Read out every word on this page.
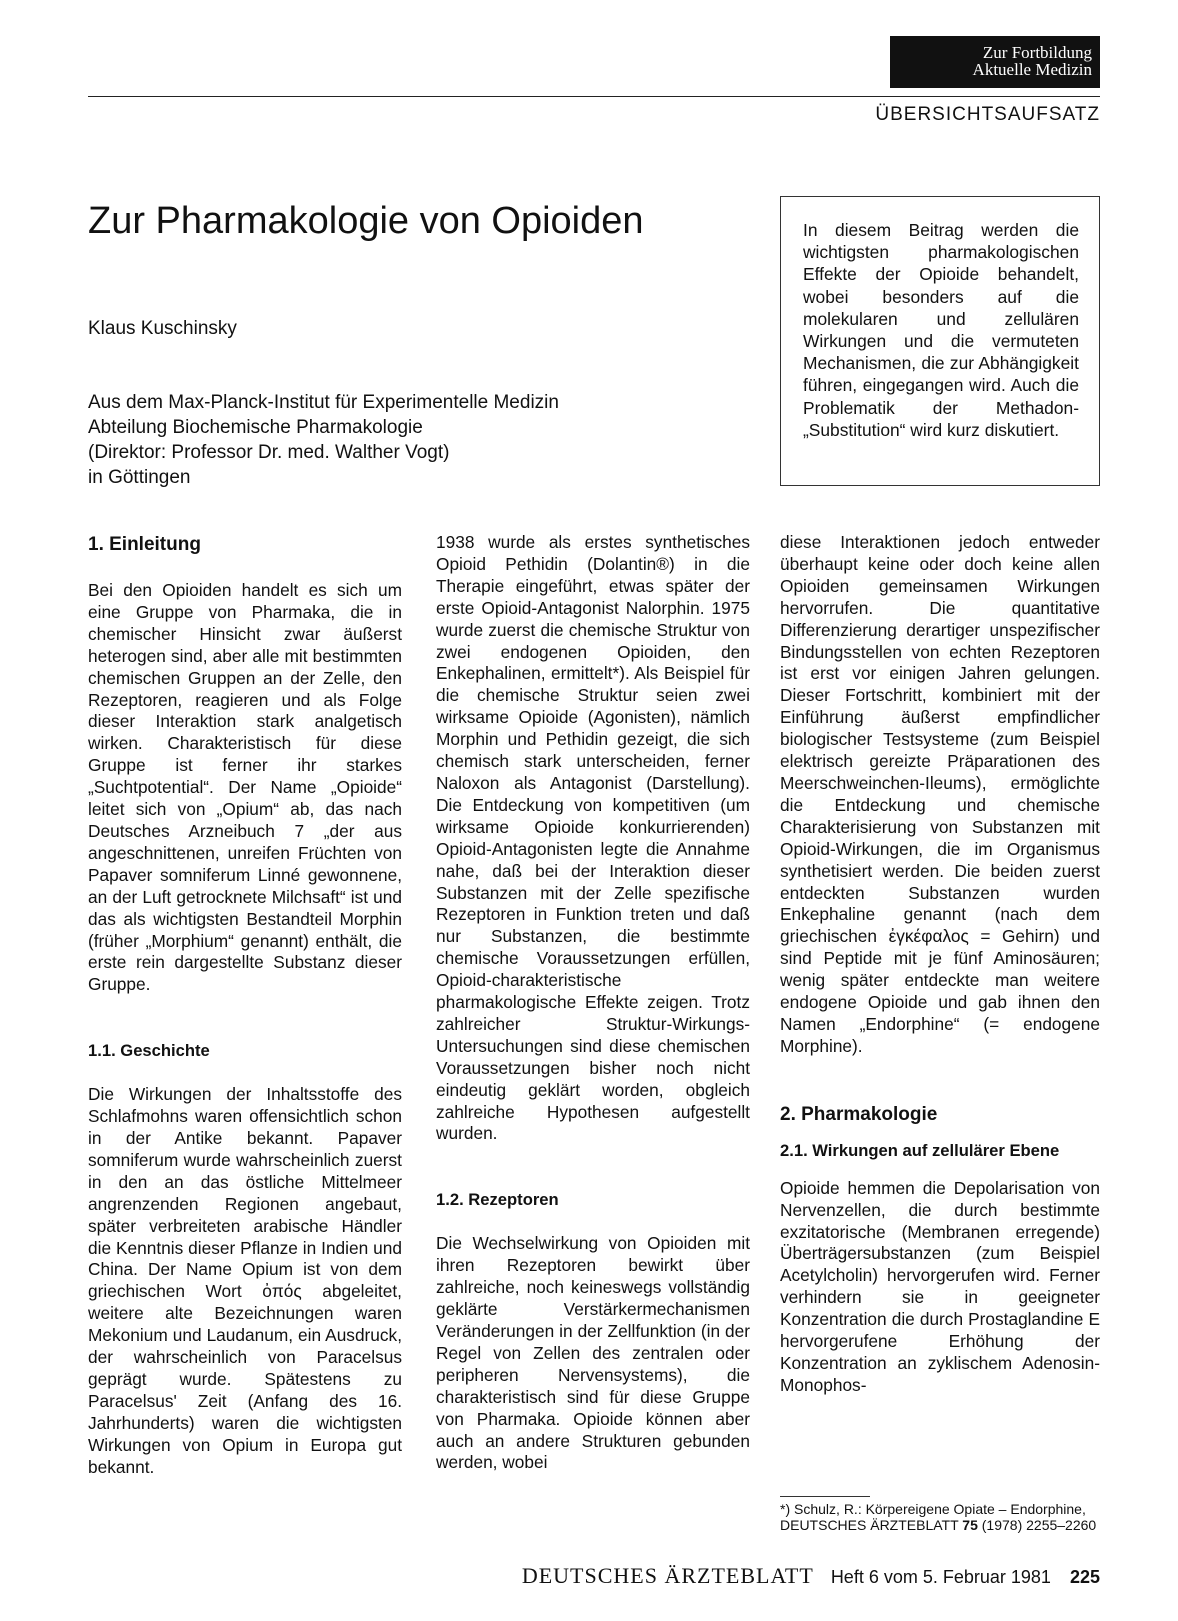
Zur Fortbildung
Aktuelle Medizin
ÜBERSICHTSAUFSATZ
Zur Pharmakologie von Opioiden
Klaus Kuschinsky
Aus dem Max-Planck-Institut für Experimentelle Medizin
Abteilung Biochemische Pharmakologie
(Direktor: Professor Dr. med. Walther Vogt)
in Göttingen

In diesem Beitrag werden die wichtigsten pharmakologischen Effekte der Opioide behandelt, wobei besonders auf die molekularen und zellulären Wirkungen und die vermuteten Mechanismen, die zur Abhängigkeit führen, eingegangen wird. Auch die Problematik der Methadon-„Substitution“ wird kurz diskutiert.

1. Einleitung

Bei den Opioiden handelt es sich um eine Gruppe von Pharmaka, die in chemischer Hinsicht zwar äußerst heterogen sind, aber alle mit bestimmten chemischen Gruppen an der Zelle, den Rezeptoren, reagieren und als Folge dieser Interaktion stark analgetisch wirken. Charakteristisch für diese Gruppe ist ferner ihr starkes „Suchtpotential“. Der Name „Opioide“ leitet sich von „Opium“ ab, das nach Deutsches Arzneibuch 7 „der aus angeschnittenen, unreifen Früchten von Papaver somniferum Linné gewonnene, an der Luft getrocknete Milchsaft“ ist und das als wichtigsten Bestandteil Morphin (früher „Morphium“ genannt) enthält, die erste rein dargestellte Substanz dieser Gruppe.

1.1. Geschichte

Die Wirkungen der Inhaltsstoffe des Schlafmohns waren offensichtlich schon in der Antike bekannt. Papaver somniferum wurde wahrscheinlich zuerst in den an das östliche Mittelmeer angrenzenden Regionen angebaut, später verbreiteten arabische Händler die Kenntnis dieser Pflanze in Indien und China. Der Name Opium ist von dem griechischen Wort ὀπός abgeleitet, weitere alte Bezeichnungen waren Mekonium und Laudanum, ein Ausdruck, der wahrscheinlich von Paracelsus geprägt wurde. Spätestens zu Paracelsus' Zeit (Anfang des 16. Jahrhunderts) waren die wichtigsten Wirkungen von Opium in Europa gut bekannt.

1938 wurde als erstes synthetisches Opioid Pethidin (Dolantin®) in die Therapie eingeführt, etwas später der erste Opioid-Antagonist Nalorphin. 1975 wurde zuerst die chemische Struktur von zwei endogenen Opioiden, den Enkephalinen, ermittelt*). Als Beispiel für die chemische Struktur seien zwei wirksame Opioide (Agonisten), nämlich Morphin und Pethidin gezeigt, die sich chemisch stark unterscheiden, ferner Naloxon als Antagonist (Darstellung). Die Entdeckung von kompetitiven (um wirksame Opioide konkurrierenden) Opioid-Antagonisten legte die Annahme nahe, daß bei der Interaktion dieser Substanzen mit der Zelle spezifische Rezeptoren in Funktion treten und daß nur Substanzen, die bestimmte chemische Voraussetzungen erfüllen, Opioid-charakteristische pharmakologische Effekte zeigen. Trotz zahlreicher Struktur-Wirkungs-Untersuchungen sind diese chemischen Voraussetzungen bisher noch nicht eindeutig geklärt worden, obgleich zahlreiche Hypothesen aufgestellt wurden.

1.2. Rezeptoren

Die Wechselwirkung von Opioiden mit ihren Rezeptoren bewirkt über zahlreiche, noch keineswegs vollständig geklärte Verstärkermechanismen Veränderungen in der Zellfunktion (in der Regel von Zellen des zentralen oder peripheren Nervensystems), die charakteristisch sind für diese Gruppe von Pharmaka. Opioide können aber auch an andere Strukturen gebunden werden, wobei

diese Interaktionen jedoch entweder überhaupt keine oder doch keine allen Opioiden gemeinsamen Wirkungen hervorrufen. Die quantitative Differenzierung derartiger unspezifischer Bindungsstellen von echten Rezeptoren ist erst vor einigen Jahren gelungen. Dieser Fortschritt, kombiniert mit der Einführung äußerst empfindlicher biologischer Testsysteme (zum Beispiel elektrisch gereizte Präparationen des Meerschweinchen-Ileums), ermöglichte die Entdeckung und chemische Charakterisierung von Substanzen mit Opioid-Wirkungen, die im Organismus synthetisiert werden. Die beiden zuerst entdeckten Substanzen wurden Enkephaline genannt (nach dem griechischen ἐγκέφαλος = Gehirn) und sind Peptide mit je fünf Aminosäuren; wenig später entdeckte man weitere endogene Opioide und gab ihnen den Namen „Endorphine“ (= endogene Morphine).

2. Pharmakologie

2.1. Wirkungen auf zellulärer Ebene

Opioide hemmen die Depolarisation von Nervenzellen, die durch bestimmte exzitatorische (Membranen erregende) Überträgersubstanzen (zum Beispiel Acetylcholin) hervorgerufen wird. Ferner verhindern sie in geeigneter Konzentration die durch Prostaglandine E hervorgerufene Erhöhung der Konzentration an zyklischem Adenosin-Monophos-

*) Schulz, R.: Körpereigene Opiate – Endorphine, DEUTSCHES ÄRZTEBLATT 75 (1978) 2255–2260
DEUTSCHES ÄRZTEBLATT Heft 6 vom 5. Februar 1981 225
